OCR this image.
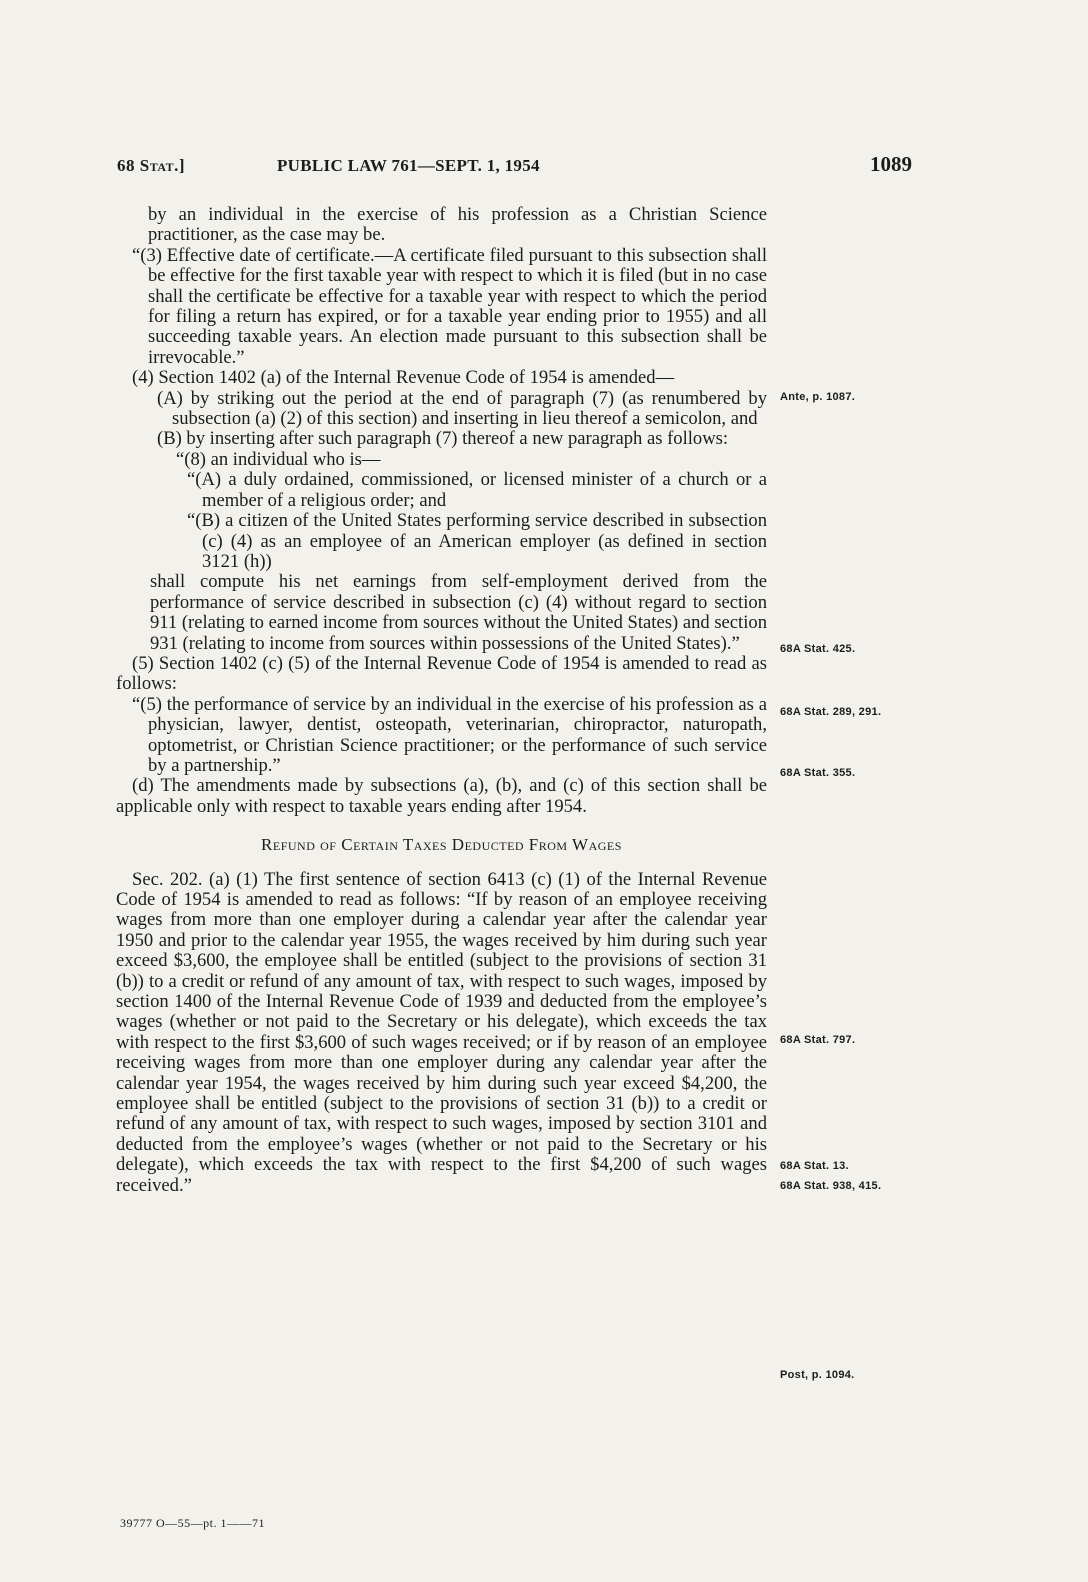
68 Stat.]	PUBLIC LAW 761—SEPT. 1, 1954	1089

by an individual in the exercise of his profession as a Christian Science practitioner, as the case may be.

“(3) Effective date of certificate.—A certificate filed pursuant to this subsection shall be effective for the first taxable year with respect to which it is filed (but in no case shall the certificate be effective for a taxable year with respect to which the period for filing a return has expired, or for a taxable year ending prior to 1955) and all succeeding taxable years. An election made pursuant to this subsection shall be irrevocable.”

(4) Section 1402 (a) of the Internal Revenue Code of 1954 is amended—

(A) by striking out the period at the end of paragraph (7) (as renumbered by subsection (a) (2) of this section) and inserting in lieu thereof a semicolon, and

(B) by inserting after such paragraph (7) thereof a new paragraph as follows:

“(8) an individual who is—

“(A) a duly ordained, commissioned, or licensed minister of a church or a member of a religious order; and

“(B) a citizen of the United States performing service described in subsection (c) (4) as an employee of an American employer (as defined in section 3121 (h))

shall compute his net earnings from self-employment derived from the performance of service described in subsection (c) (4) without regard to section 911 (relating to earned income from sources without the United States) and section 931 (relating to income from sources within possessions of the United States).”

(5) Section 1402 (c) (5) of the Internal Revenue Code of 1954 is amended to read as follows:

“(5) the performance of service by an individual in the exercise of his profession as a physician, lawyer, dentist, osteopath, veterinarian, chiropractor, naturopath, optometrist, or Christian Science practitioner; or the performance of such service by a partnership.”

(d) The amendments made by subsections (a), (b), and (c) of this section shall be applicable only with respect to taxable years ending after 1954.

Refund of Certain Taxes Deducted From Wages

Sec. 202. (a) (1) The first sentence of section 6413 (c) (1) of the Internal Revenue Code of 1954 is amended to read as follows: “If by reason of an employee receiving wages from more than one employer during a calendar year after the calendar year 1950 and prior to the calendar year 1955, the wages received by him during such year exceed $3,600, the employee shall be entitled (subject to the provisions of section 31 (b)) to a credit or refund of any amount of tax, with respect to such wages, imposed by section 1400 of the Internal Revenue Code of 1939 and deducted from the employee’s wages (whether or not paid to the Secretary or his delegate), which exceeds the tax with respect to the first $3,600 of such wages received; or if by reason of an employee receiving wages from more than one employer during any calendar year after the calendar year 1954, the wages received by him during such year exceed $4,200, the employee shall be entitled (subject to the provisions of section 31 (b)) to a credit or refund of any amount of tax, with respect to such wages, imposed by section 3101 and deducted from the employee’s wages (whether or not paid to the Secretary or his delegate), which exceeds the tax with respect to the first $4,200 of such wages received.”

Ante, p. 1087.
68A Stat. 425.
68A Stat. 289, 291.
68A Stat. 355.
68A Stat. 797.
68A Stat. 13.
68A Stat. 938, 415.
Post, p. 1094.
39777 O—55—pt. 1——71
